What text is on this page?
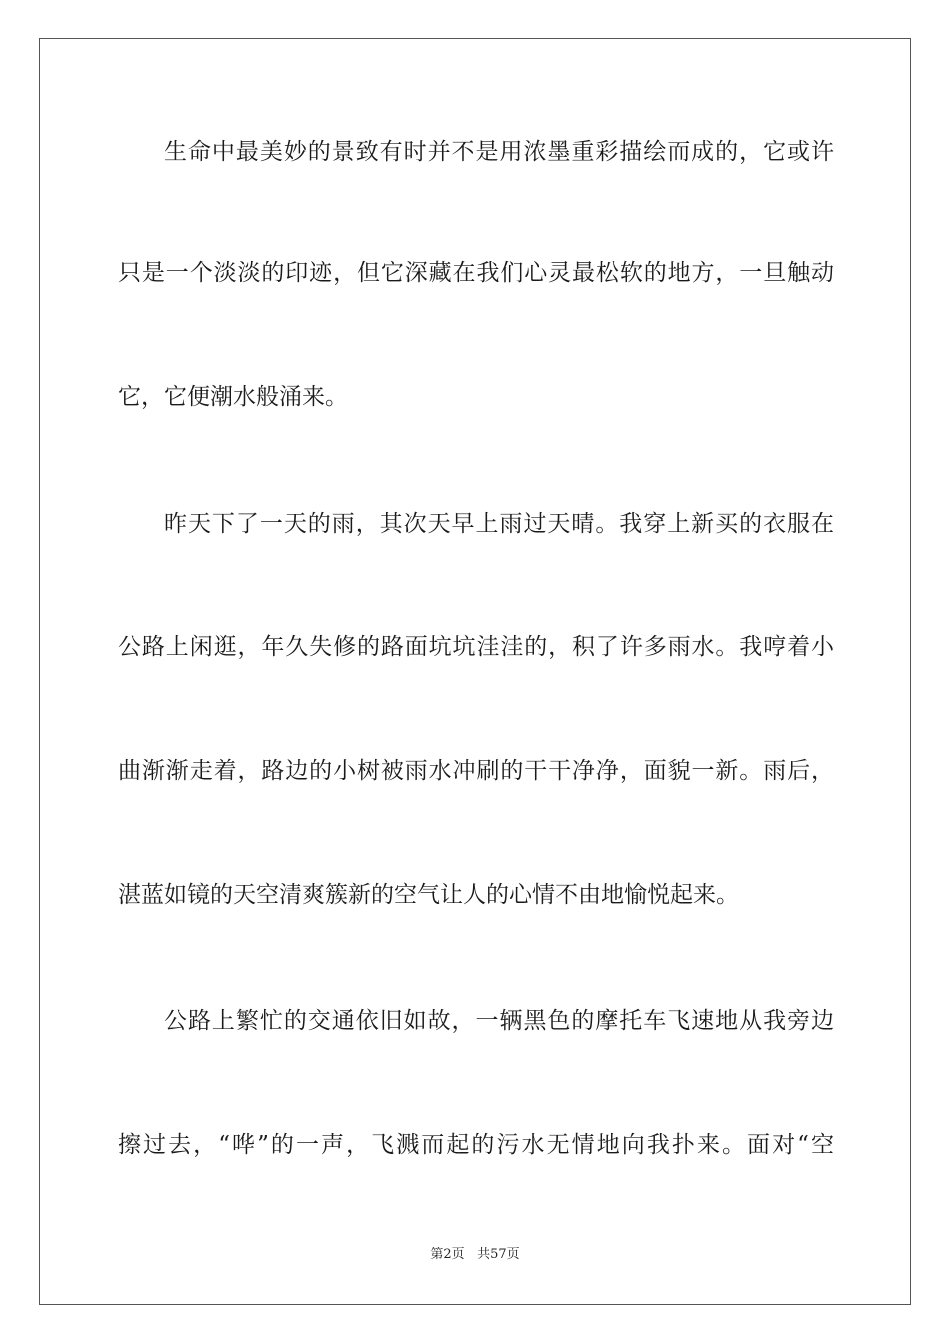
生命中最美妙的景致有时并不是用浓墨重彩描绘而成的，它或许
只是一个淡淡的印迹，但它深藏在我们心灵最松软的地方，一旦触动
它，它便潮水般涌来。
昨天下了一天的雨，其次天早上雨过天晴。我穿上新买的衣服在
公路上闲逛，年久失修的路面坑坑洼洼的，积了许多雨水。我哼着小
曲渐渐走着，路边的小树被雨水冲刷的干干净净，面貌一新。雨后，
湛蓝如镜的天空清爽簇新的空气让人的心情不由地愉悦起来。
公路上繁忙的交通依旧如故，一辆黑色的摩托车飞速地从我旁边
擦过去，“哗”的一声，飞溅而起的污水无情地向我扑来。面对“空
第2页 共57页
